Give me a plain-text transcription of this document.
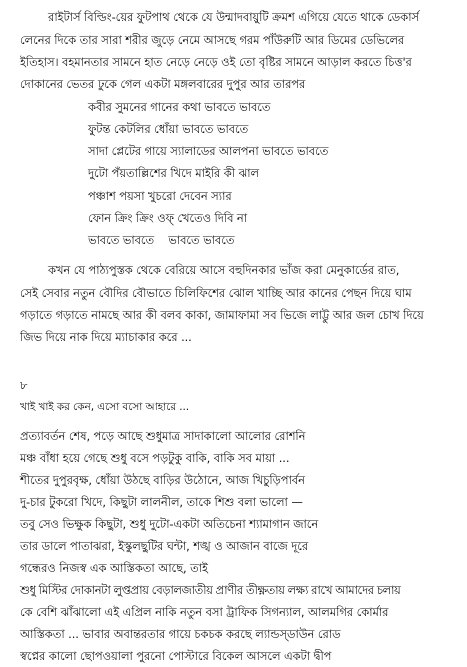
রাইটার্স বিল্ডিং-য়ের ফুটপাথ থেকে যে উন্মাদবায়ুটি ক্রমশ এগিয়ে যেতে থাকে ডেকার্স
লেনের দিকে তার সারা শরীর জুড়ে নেমে আসছে গরম পাঁউরুটি আর ডিমের ডেভিলের
ইতিহাস। বহমানতার সামনে হাত নেড়ে নেড়ে ওই তো বৃষ্টির সামনে আড়াল করতে চিত্ত'র
দোকানের ভেতর ঢুকে গেল একটা মঙ্গলবারের দুপুর আর তারপর
কবীর সুমনের গানের কথা ভাবতে ভাবতে
ফুটন্ত কেটলির ধোঁয়া ভাবতে ভাবতে
সাদা প্লেটের গায়ে স্যালাডের আলপনা ভাবতে ভাবতে
দুটো পঁয়তাল্লিশের খিদে মাইরি কী ঝাল
পঞ্চাশ পয়সা খুচরো দেবেন স্যার
ফোন ক্রিং ক্রিং ওফ্ খেতেও দিবি না
ভাবতে ভাবতে    ভাবতে ভাবতে
কখন যে পাঠ্যপুস্তক থেকে বেরিয়ে আসে বহুদিনকার ভাঁজ করা মেনুকার্ডের রাত,
সেই সেবার নতুন বৌদির বৌভাতে চিলিফিশের ঝোল খাচ্ছি আর কানের পেছন দিয়ে ঘাম
গড়াতে গড়াতে নামছে আর কী বলব কাকা, জামাফামা সব ভিজে লাট্টু আর জল চোখ দিয়ে
জিভ দিয়ে নাক দিয়ে ম্যাচাকার করে ...
৮
খাই খাই কর কেন, এসো বসো আহারে ...
প্রত্যাবর্তন শেষ, পড়ে আছে শুধুমাত্র সাদাকালো আলোর রোশনি
মঞ্চ বাঁধা হয়ে গেছে শুধু বসে পড়টুকু বাকি, বাকি সব মায়া ...
শীতের দুপুরবৃক্ষ, ধোঁয়া উঠছে বাড়ির উঠোনে, আজ খিচুড়িপার্বন
দু-চার টুকরো খিদে, কিছুটা লালনীল, তাকে শিশু বলা ভালো —
তবু সেও ভিক্ষুক কিছুটা, শুধু দুটো-একটা অতিচেনা শ্যামাগান জানে
তার ডালে পাতাঝরা, ইস্কুলছুটির ঘন্টা, শঙ্খ ও আজান বাজে দূরে
গন্ধেরও নিজস্ব এক আস্তিকতা আছে, তাই
শুধু মিস্টির দোকানটা লুপ্তপ্রায় বেড়ালজাতীয় প্রাণীর তীক্ষ্ণতায় লক্ষ্য রাখে আমাদের চলায়
কে বেশি ঝাঁঝালো এই এপ্রিল নাকি নতুন বসা ট্রাফিক সিগন্যাল, আলমগির কোর্মার
আস্তিকতা ... ভাবার অবান্তরতার গায়ে চকচক করছে ল্যান্ডস্ডাউন রোড
স্বপ্নের কালো ছোপওয়ালা পুরনো পোস্টারে বিকেল আসলে একটা দ্বীপ
